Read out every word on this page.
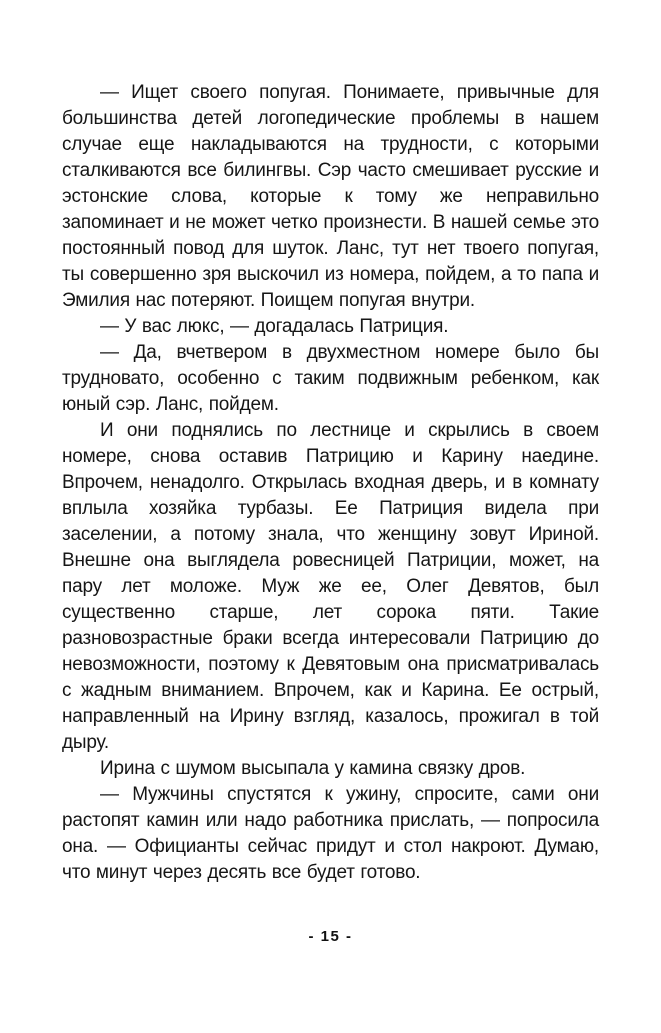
— Ищет своего попугая. Понимаете, привычные для большинства детей логопедические проблемы в нашем случае еще накладываются на трудности, с которыми сталкиваются все билингвы. Сэр часто смешивает русские и эстонские слова, которые к тому же неправильно запоминает и не может четко произнести. В нашей семье это постоянный повод для шуток. Ланс, тут нет твоего попугая, ты совершенно зря выскочил из номера, пойдем, а то папа и Эмилия нас потеряют. Поищем попугая внутри.

— У вас люкс, — догадалась Патриция.

— Да, вчетвером в двухместном номере было бы трудновато, особенно с таким подвижным ребенком, как юный сэр. Ланс, пойдем.

И они поднялись по лестнице и скрылись в своем номере, снова оставив Патрицию и Карину наедине. Впрочем, ненадолго. Открылась входная дверь, и в комнату вплыла хозяйка турбазы. Ее Патриция видела при заселении, а потому знала, что женщину зовут Ириной. Внешне она выглядела ровесницей Патриции, может, на пару лет моложе. Муж же ее, Олег Девятов, был существенно старше, лет сорока пяти. Такие разновозрастные браки всегда интересовали Патрицию до невозможности, поэтому к Девятовым она присматривалась с жадным вниманием. Впрочем, как и Карина. Ее острый, направленный на Ирину взгляд, казалось, прожигал в той дыру.

Ирина с шумом высыпала у камина связку дров.

— Мужчины спустятся к ужину, спросите, сами они растопят камин или надо работника прислать, — попросила она. — Официанты сейчас придут и стол накроют. Думаю, что минут через десять все будет готово.

- 15 -
